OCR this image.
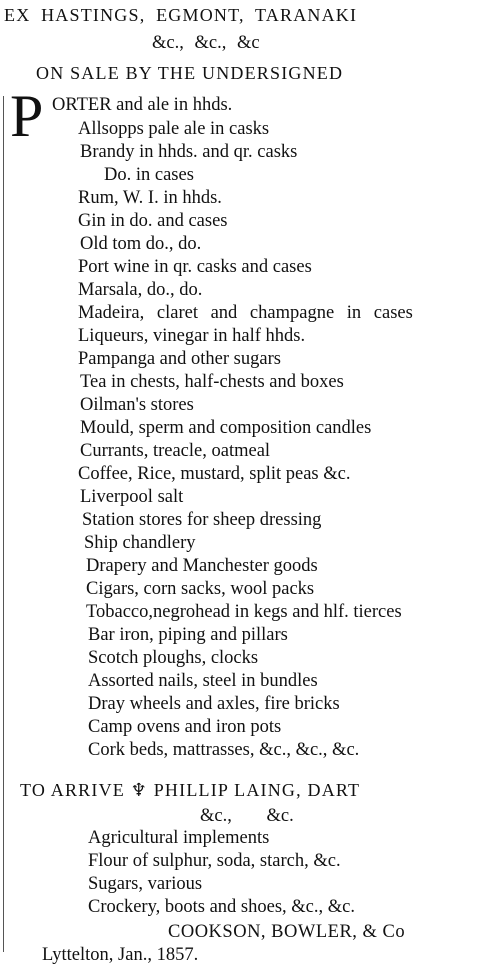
EX HASTINGS, EGMONT, TARANAKI
&c., &c., &c
ON SALE BY THE UNDERSIGNED
P ORTER and ale in hhds.
Allsopps pale ale in casks
Brandy in hhds. and qr. casks
Do. in cases
Rum, W. I. in hhds.
Gin in do. and cases
Old tom do., do.
Port wine in qr. casks and cases
Marsala, do., do.
Madeira, claret and champagne in cases
Liqueurs, vinegar in half hhds.
Pampanga and other sugars
Tea in chests, half-chests and boxes
Oilman's stores
Mould, sperm and composition candles
Currants, treacle, oatmeal
Coffee, Rice, mustard, split peas &c.
Liverpool salt
Station stores for sheep dressing
Ship chandlery
Drapery and Manchester goods
Cigars, corn sacks, wool packs
Tobacco,negrohead in kegs and hlf. tierces
Bar iron, piping and pillars
Scotch ploughs, clocks
Assorted nails, steel in bundles
Dray wheels and axles, fire bricks
Camp ovens and iron pots
Cork beds, mattrasses, &c., &c., &c.
TO ARRIVE ♆ PHILLIP LAING, DART
&c., &c.
Agricultural implements
Flour of sulphur, soda, starch, &c.
Sugars, various
Crockery, boots and shoes, &c., &c.
COOKSON, BOWLER, & Co
Lyttelton, Jan., 1857.
